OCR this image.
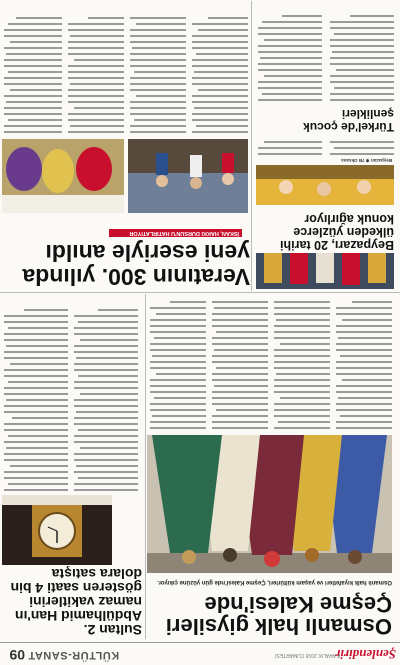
Şenlendirir
8 ARALIK 2018 CUMARTESİ
KÜLTÜR-SANAT
09
Osmanlı halk giysileri Çeşme Kalesi'nde
Osmanlı halk kıyafetleri ve yaşam kültürleri, Çeşme Kalesi'nde gün yüzüne çıkıyor.
Sultan 2. Abdülhamid Han'ın namaz vakitlerini gösteren saati 4 bin dolara satışta
Veratının 300. yılında yeni eseriyle anıldı
İSKAN, HAKKI DURSUN'U HATIRLATIYOR
Beypazarı, 20 tarihi ülkeden yüzlerce konuk ağırlıyor
Beypazarı ✱ 7B Oksana
Türkel'de çocuk şenlikleri
